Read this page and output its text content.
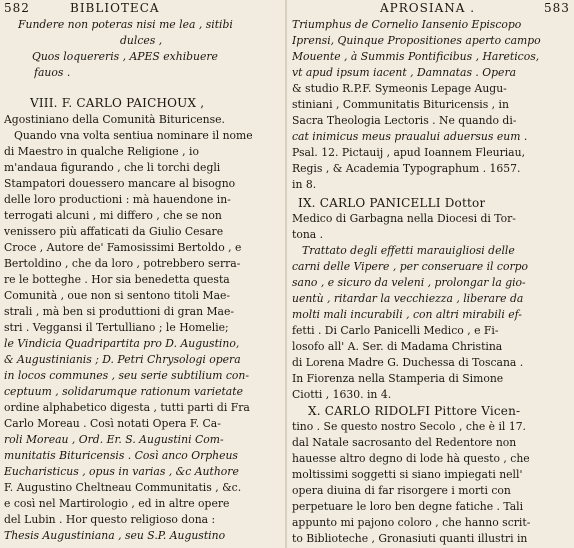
582	BIBLIOTECA
Fundere non poteras nisi me lea , sitibi
dulces ,
Quos loquereris , APES exhibuere
fauos .
VIII. F. CARLO PAICHOUX ,
Agostiniano della Comunità Bituricense.
Quando vna volta sentiua nominare il nome
di Maestro in qualche Religione , io
m'andaua figurando , che li torchi degli
Stampatori douessero mancare al bisogno
delle loro productioni : mà hauendone in-
terrogati alcuni , mi differo , che se non
venissero più affaticati da Giulio Cesare
Croce , Autore de' Famosissimi Bertoldo , e
Bertoldino , che da loro , potrebbero serra-
re le botteghe . Hor sia benedetta questa
Comunità , oue non si sentono titoli Mae-
strali , mà ben si produttioni di gran Mae-
stri . Veggansi il Tertulliano ; le Homelie;
le Vindicia Quadripartita pro D. Augustino,
& Augustinianis ; D. Petri Chrysologi opera
in locos communes , seu serie subtilium con-
ceptuum , solidarumque rationum varietate
ordine alphabetico digesta , tutti parti di Fra
Carlo Moreau . Così notati Opera F. Ca-
roli Moreau , Ord. Er. S. Augustini Com-
munitatis Bituricensis . Così anco Orpheus
Eucharisticus , opus in varias , &c Authore
F. Augustino Cheltneau Communitatis , &c.
e così nel Martirologio , ed in altre opere
del Lubin . Hor questo religioso dona :
Thesis Augustiniana , seu S.P. Augustino
APROSIANA .	583
Triumphus de Cornelio Iansenio Episcopo
Iprensi, Quinque Propositiones aperto campo
Mouente , à Summis Pontificibus , Hareticos,
vt apud ipsum iacent , Damnatas . Opera
& studio R.P.F. Symeonis Lepage Augu-
stiniani , Communitatis Bituricensis , in
Sacra Theologia Lectoris . Ne quando di-
cat inimicus meus praualui aduersus eum .
Psal. 12. Pictauij , apud Ioannem Fleuriau,
Regis , & Academia Typographum . 1657.
in 8.
IX. CARLO PANICELLI Dottor
Medico di Garbagna nella Diocesi di Tor-
tona .
Trattato degli effetti marauigliosi delle
carni delle Vipere , per conseruare il corpo
sano , e sicuro da veleni , prolongar la gio-
uentù , ritardar la vecchiezza , liberare da
molti mali incurabili , con altri mirabili ef-
fetti . Di Carlo Panicelli Medico , e Fi-
losofo all' A. Ser. di Madama Christina
di Lorena Madre G. Duchessa di Toscana .
In Fiorenza nella Stamperia di Simone
Ciotti , 1630. in 4.
X. CARLO RIDOLFI Pittore Vicen-
tino . Se questo nostro Secolo , che è il 17.
dal Natale sacrosanto del Redentore non
hauesse altro degno di lode hà questo , che
moltissimi soggetti si siano impiegati nell'
opera diuina di far risorgere i morti con
perpetuare le loro ben degne fatiche . Tali
appunto mi pajono coloro , che hanno scrit-
to Biblioteche , Gronasiuti quanti illustri in
